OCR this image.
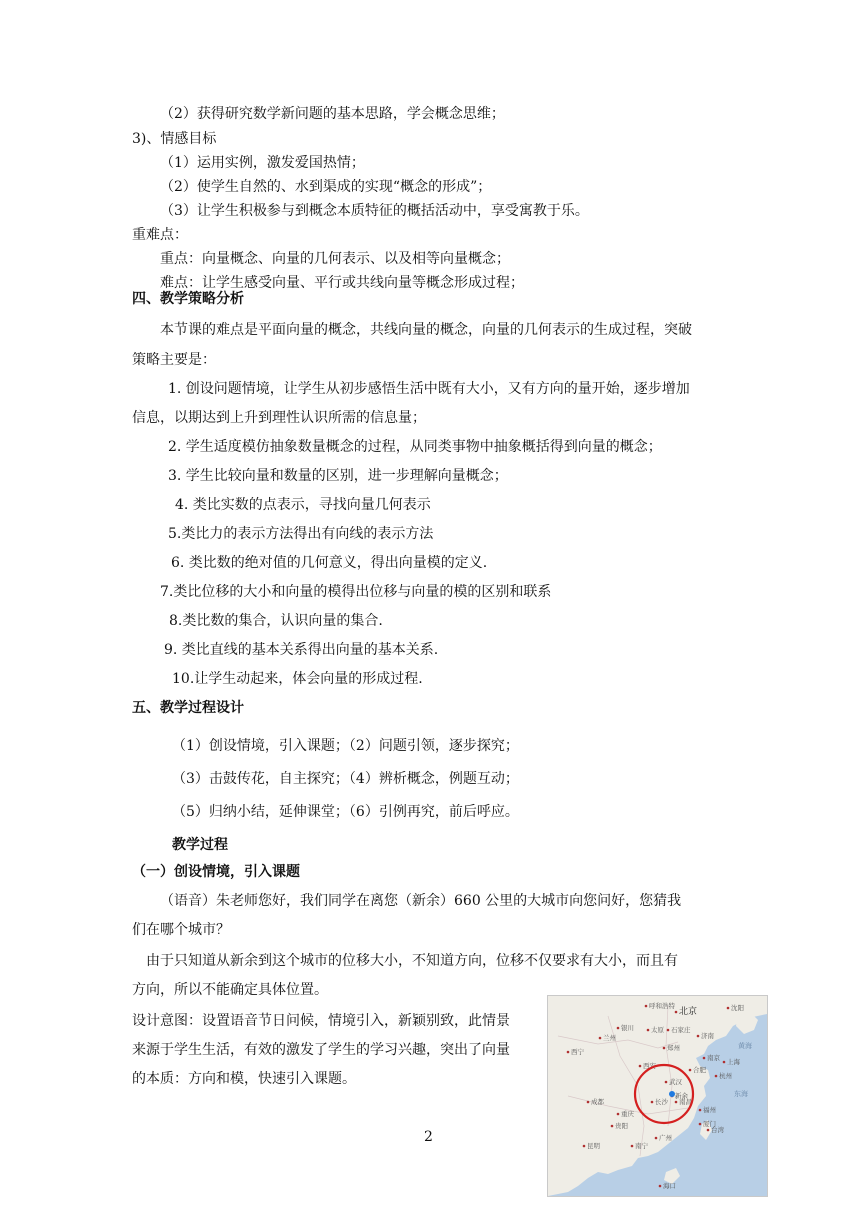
（2）获得研究数学新问题的基本思路，学会概念思维；
3)、情感目标
（1）运用实例，激发爱国热情；
（2）使学生自然的、水到渠成的实现“概念的形成”；
（3）让学生积极参与到概念本质特征的概括活动中，享受寓教于乐。
重难点：
重点：向量概念、向量的几何表示、以及相等向量概念；
难点：让学生感受向量、平行或共线向量等概念形成过程；
四、教学策略分析
本节课的难点是平面向量的概念，共线向量的概念，向量的几何表示的生成过程，突破
策略主要是：
1. 创设问题情境，让学生从初步感悟生活中既有大小，又有方向的量开始，逐步增加
信息，以期达到上升到理性认识所需的信息量；
2. 学生适度模仿抽象数量概念的过程，从同类事物中抽象概括得到向量的概念；
3. 学生比较向量和数量的区别，进一步理解向量概念；
4. 类比实数的点表示，寻找向量几何表示
5.类比力的表示方法得出有向线的表示方法
6. 类比数的绝对值的几何意义，得出向量模的定义.
7.类比位移的大小和向量的模得出位移与向量的模的区别和联系
8.类比数的集合，认识向量的集合.
9. 类比直线的基本关系得出向量的基本关系.
10.让学生动起来，体会向量的形成过程.
五、教学过程设计
（1）创设情境，引入课题；（2）问题引领，逐步探究；
（3）击鼓传花，自主探究；（4）辨析概念，例题互动；
（5）归纳小结，延伸课堂；（6）引例再究，前后呼应。
教学过程
（一）创设情境，引入课题
（语音）朱老师您好，我们同学在离您（新余）660 公里的大城市向您问好，您猜我
们在哪个城市？
由于只知道从新余到这个城市的位移大小，不知道方向，位移不仅要求有大小，而且有
方向，所以不能确定具体位置。
设计意图：设置语音节日问候，情境引入，新颖别致，此情景
来源于学生生活，有效的激发了学生的学习兴趣，突出了向量
的本质：方向和模，快速引入课题。
北京
呼和浩特	沈阳
太原 石家庄
济南
郑州
西安
兰州
西宁
银川
武汉
合肥
南京 上海
杭州
长沙 南昌
新余
福州
贵阳
成都
重庆
广州
南宁
厦门
昆明
海口
台湾
黄海
东海
2
